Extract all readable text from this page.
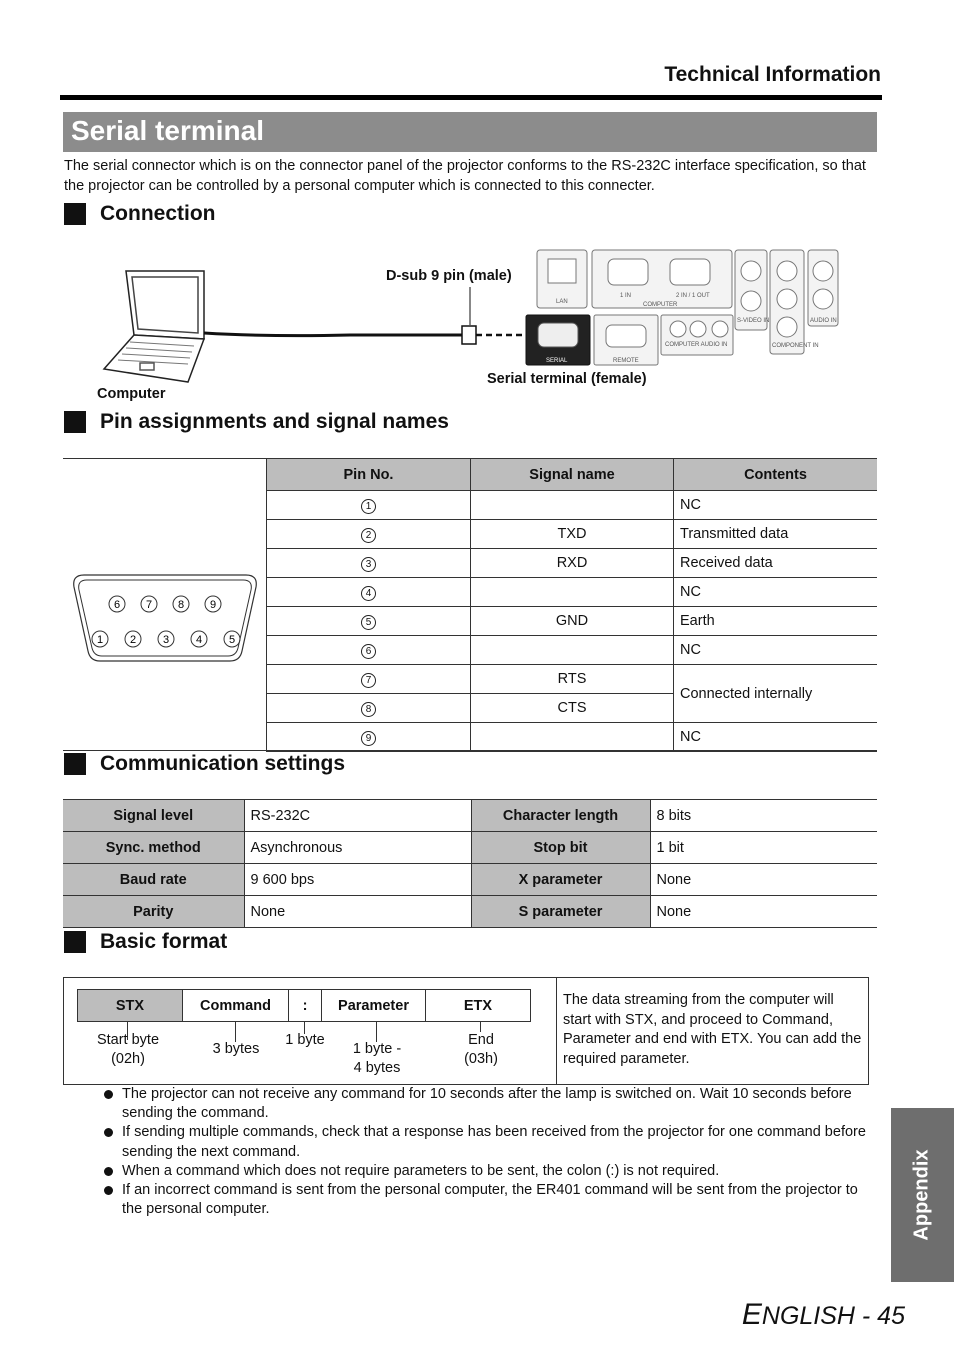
Technical Information
Serial terminal

The serial connector which is on the connector panel of the projector conforms to the RS-232C interface specification, so that the projector can be controlled by a personal computer which is connected to this connecter.

Connection
LAN
1 IN	2 IN / 1 OUT
COMPUTER
SERIAL	REMOTE
COMPUTER AUDIO IN
S-VIDEO IN
COMPONENT IN
AUDIO IN
D-sub 9 pin (male)
Computer
Serial terminal (female)
Pin assignments and signal names
6 7 8 9
1 2 3 4 5
Pin No.	Signal name	Contents
1		NC
2	TXD	Transmitted data
3	RXD	Received data
4		NC
5	GND	Earth
6		NC
7	RTS	Connected internally
8	CTS	
9		NC
Communication settings
Signal level	RS-232C	Character length	8 bits
Sync. method	Asynchronous	Stop bit	1 bit
Baud rate	9 600 bps	X parameter	None
Parity	None	S parameter	None
Basic format
STX	Command	:	Parameter	ETX
Start byte
(02h)
3 bytes
1 byte
1 byte -
4 bytes
End
(03h)

The data streaming from the computer will start with STX, and proceed to Command, Parameter and end with ETX. You can add the required parameter.

The projector can not receive any command for 10 seconds after the lamp is switched on. Wait 10 seconds before sending the command.
If sending multiple commands, check that a response has been received from the projector for one command before sending the next command.
When a command which does not require parameters to be sent, the colon (:) is not required.
If an incorrect command is sent from the personal computer, the ER401 command will be sent from the projector to the personal computer.	Appendix
ENGLISH - 45
